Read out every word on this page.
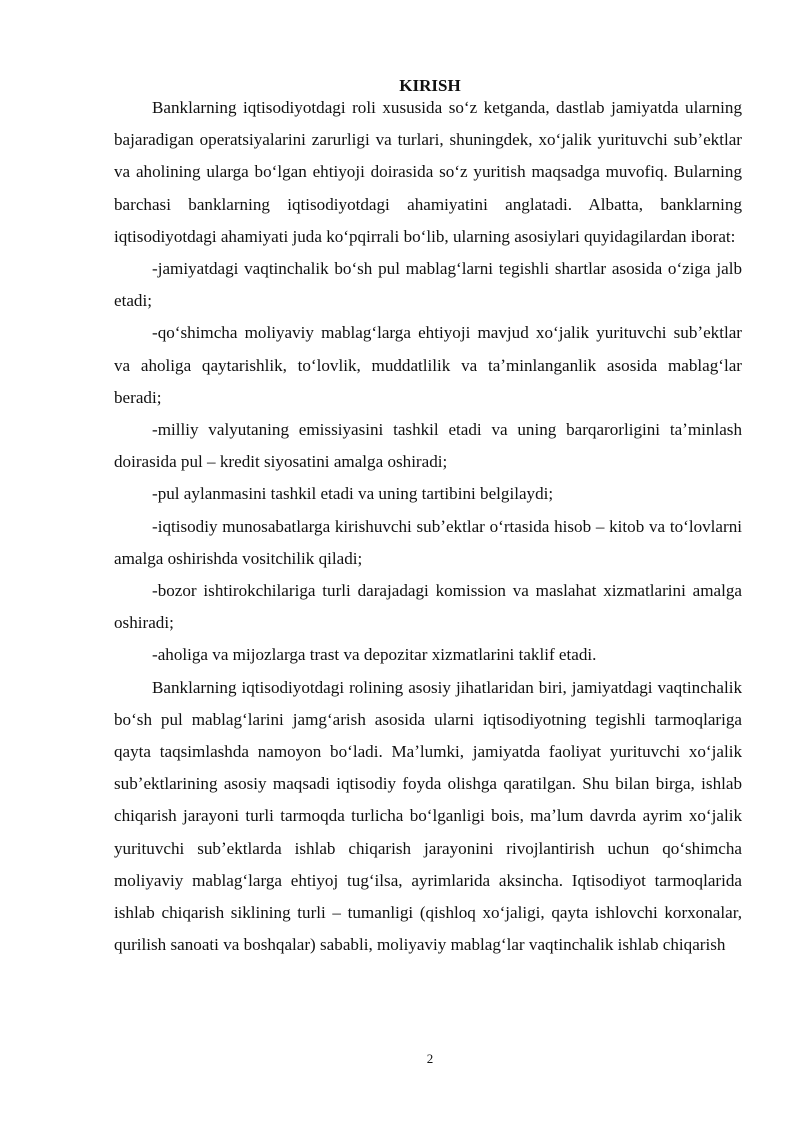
KIRISH

Banklarning iqtisodiyotdagi roli xususida soʻz ketganda, dastlab jamiyatda ularning bajaradigan operatsiyalarini zarurligi va turlari, shuningdek, xoʻjalik yurituvchi subʼektlar va aholining ularga boʻlgan ehtiyoji doirasida soʻz yuritish maqsadga muvofiq. Bularning barchasi banklarning iqtisodiyotdagi ahamiyatini anglatadi. Albatta, banklarning iqtisodiyotdagi ahamiyati juda koʻpqirrali boʻlib, ularning asosiylari quyidagilardan iborat:

-jamiyatdagi vaqtinchalik boʻsh pul mablagʻlarni tegishli shartlar asosida oʻziga jalb etadi;

-qoʻshimcha moliyaviy mablagʻlarga ehtiyoji mavjud xoʻjalik yurituvchi subʼektlar va aholiga qaytarishlik, toʻlovlik, muddatlilik va taʼminlanganlik asosida mablagʻlar beradi;

-milliy valyutaning emissiyasini tashkil etadi va uning barqarorligini taʼminlash doirasida pul – kredit siyosatini amalga oshiradi;

-pul aylanmasini tashkil etadi va uning tartibini belgilaydi;

-iqtisodiy munosabatlarga kirishuvchi subʼektlar oʻrtasida hisob – kitob va toʻlovlarni amalga oshirishda vositchilik qiladi;

-bozor ishtirokchilariga turli darajadagi komission va maslahat xizmatlarini amalga oshiradi;

-aholiga va mijozlarga trast va depozitar xizmatlarini taklif etadi.

Banklarning iqtisodiyotdagi rolining asosiy jihatlaridan biri, jamiyatdagi vaqtinchalik boʻsh pul mablagʻlarini jamgʻarish asosida ularni iqtisodiyotning tegishli tarmoqlariga qayta taqsimlashda namoyon boʻladi. Maʼlumki, jamiyatda faoliyat yurituvchi xoʻjalik subʼektlarining asosiy maqsadi iqtisodiy foyda olishga qaratilgan. Shu bilan birga, ishlab chiqarish jarayoni turli tarmoqda turlicha boʻlganligi bois, maʼlum davrda ayrim xoʻjalik yurituvchi subʼektlarda ishlab chiqarish jarayonini rivojlantirish uchun qoʻshimcha moliyaviy mablagʻlarga ehtiyoj tugʻilsa, ayrimlarida aksincha. Iqtisodiyot tarmoqlarida ishlab chiqarish siklining turli – tumanligi (qishloq xoʻjaligi, qayta ishlovchi korxonalar, qurilish sanoati va boshqalar) sababli, moliyaviy mablagʻlar vaqtinchalik ishlab chiqarish

2
